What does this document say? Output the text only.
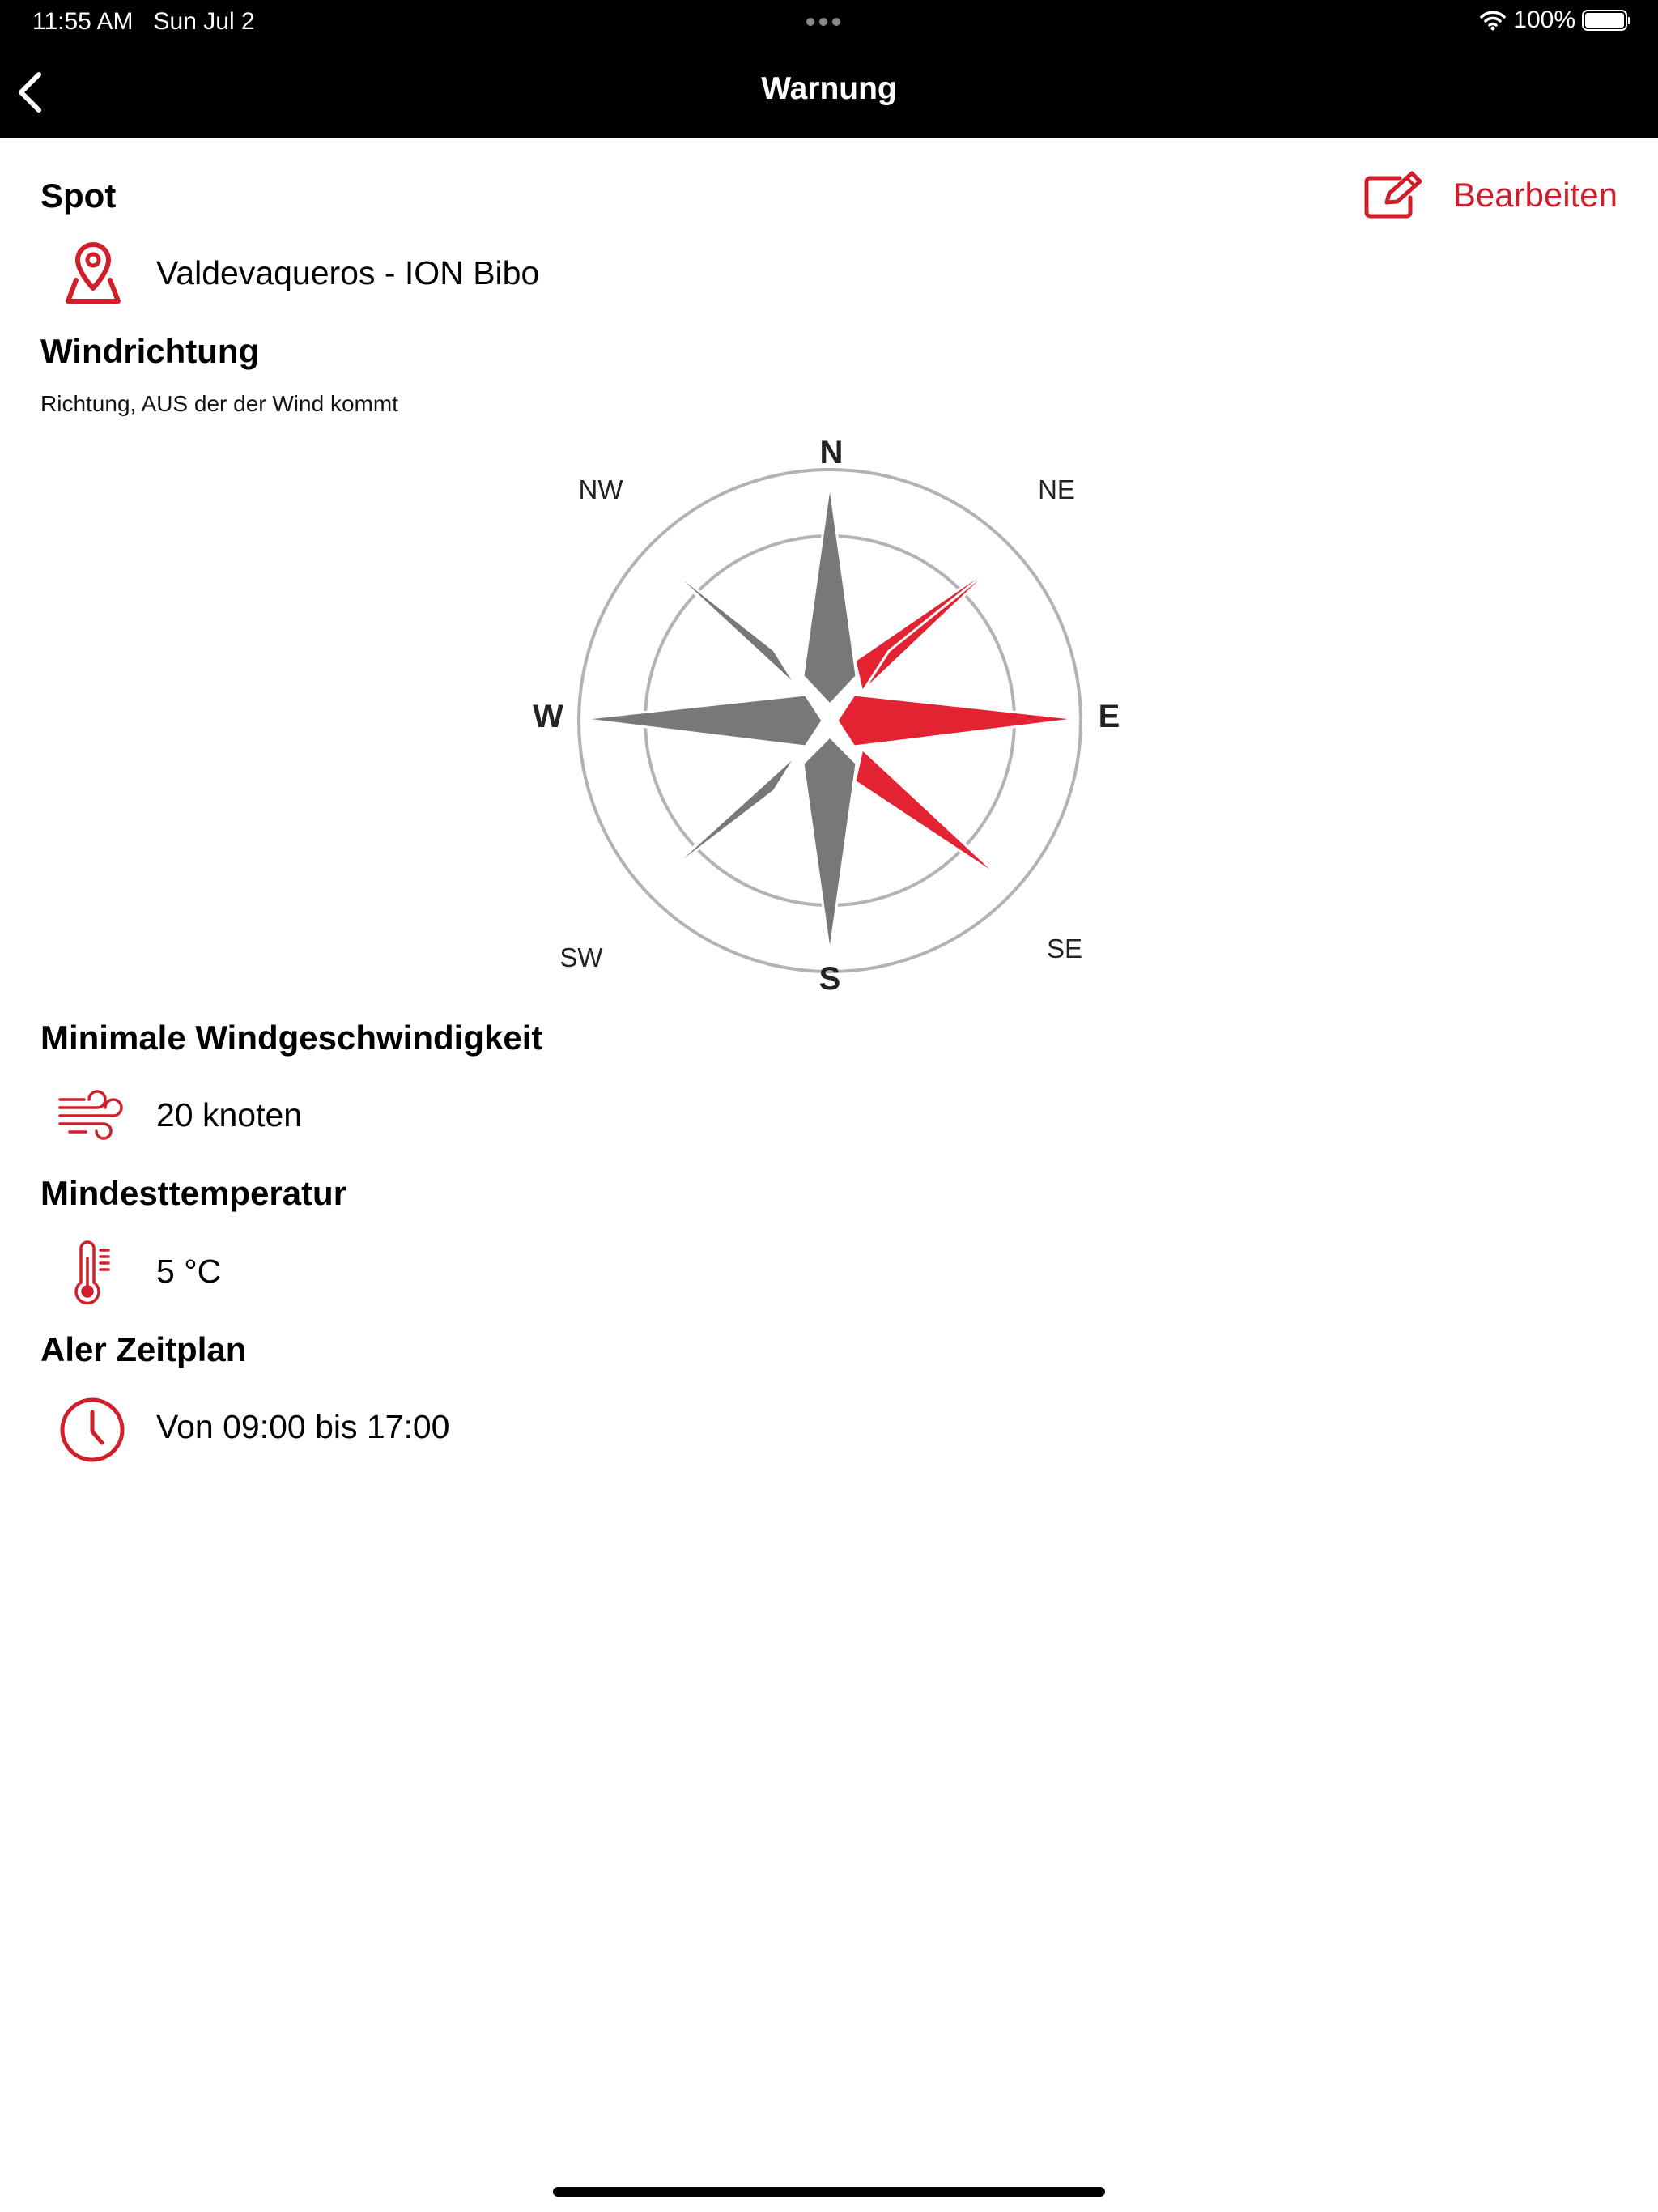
11:55 AM Sun Jul 2	100%
Warnung
Spot	Bearbeiten
Valdevaqueros - ION Bibo
Windrichtung
Richtung, AUS der der Wind kommt
N
S
W	E
NW	NE
SE
SW
Minimale Windgeschwindigkeit
20 knoten
Mindesttemperatur
5 °C
Aler Zeitplan
Von 09:00 bis 17:00
